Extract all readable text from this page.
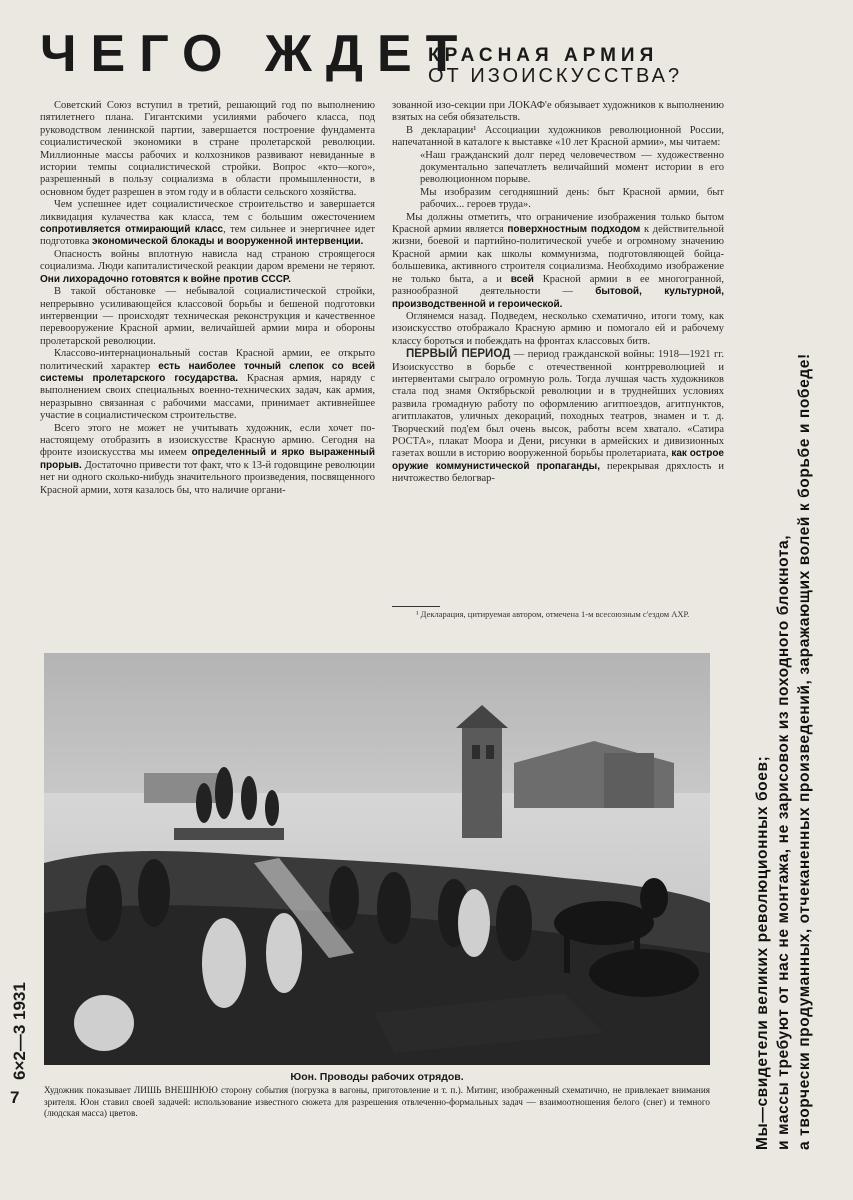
ЧЕГО ЖДЕТ
КРАСНАЯ АРМИЯ
ОТ ИЗОИСКУССТВА?

Советский Союз вступил в третий, решающий год по выполнению пятилетнего плана. Гигантскими усилиями рабочего класса, под руководством ленинской партии, завершается построение фундамента социалистической экономики в стране пролетарской революции. Миллионные массы рабочих и колхозников развивают невиданные в истории темпы социалистической стройки. Вопрос «кто—кого», разрешенный в пользу социализма в области промышленности, в основном будет разрешен в этом году и в области сельского хозяйства.

Чем успешнее идет социалистическое строительство и завершается ликвидация кулачества как класса, тем с большим ожесточением сопротивляется отмирающий класс, тем сильнее и энергичнее идет подготовка экономической блокады и вооруженной интервенции.

Опасность войны вплотную нависла над страною строящегося социализма. Люди капиталистической реакции даром времени не теряют. Они лихорадочно готовятся к войне против СССР.

В такой обстановке — небывалой социалистической стройки, непрерывно усиливающейся классовой борьбы и бешеной подготовки интервенции — происходят техническая реконструкция и качественное перевооружение Красной армии, величайшей армии мира и обороны пролетарской революции.

Классово-интернациональный состав Красной армии, ее открыто политический характер есть наиболее точный слепок со всей системы пролетарского государства. Красная армия, наряду с выполнением своих специальных военно-технических задач, как армия, неразрывно связанная с рабочими массами, принимает активнейшее участие в социалистическом строительстве.

Всего этого не может не учитывать художник, если хочет по-настоящему отобразить в изоискусстве Красную армию. Сегодня на фронте изоискусства мы имеем определенный и ярко выраженный прорыв. Достаточно привести тот факт, что к 13-й годовщине революции нет ни одного сколько-нибудь значительного произведения, посвященного Красной армии, хотя казалось бы, что наличие органи-

зованной изо-секции при ЛОКАФ'е обязывает художников к выполнению взятых на себя обязательств.

В декларации¹ Ассоциации художников революционной России, напечатанной в каталоге к выставке «10 лет Красной армии», мы читаем:

«Наш гражданский долг перед человечеством — художественно документально запечатлеть величайший момент истории в его революционном порыве.

Мы изобразим сегодняшний день: быт Красной армии, быт рабочих... героев труда».

Мы должны отметить, что ограничение изображения только бытом Красной армии является поверхностным подходом к действительной жизни, боевой и партийно-политической учебе и огромному значению Красной армии как школы коммунизма, подготовляющей бойца-большевика, активного строителя социализма. Необходимо изображение не только быта, а и всей Красной армии в ее многогранной, разнообразной деятельности — бытовой, культурной, производственной и героической.

Оглянемся назад. Подведем, несколько схематично, итоги тому, как изоискусство отображало Красную армию и помогало ей и рабочему классу бороться и побеждать на фронтах классовых битв.

ПЕРВЫЙ ПЕРИОД — период гражданской войны: 1918—1921 гг. Изоискусство в борьбе с отечественной контрреволюцией и интервентами сыграло огромную роль. Тогда лучшая часть художников стала под знамя Октябрьской революции и в труднейших условиях развила громадную работу по оформлению агитпоездов, агитпунктов, агитплакатов, уличных декораций, походных театров, знамен и т. д. Творческий под'ем был очень высок, работы всем хватало. «Сатира РОСТА», плакат Моора и Дени, рисунки в армейских и дивизионных газетах вошли в историю вооруженной борьбы пролетариата, как острое оружие коммунистической пропаганды, перекрывая дряхлость и ничтожество белогвар-

¹ Декларация, цитируемая автором, отмечена 1-м всесоюзным с'ездом АХР.
Юон. Проводы рабочих отрядов.
Художник показывает ЛИШЬ ВНЕШНЮЮ сторону события (погрузка в вагоны, приготовление и т. п.). Митинг, изображенный схематично, не привлекает внимания зрителя. Юон ставил своей задачей: использование известного сюжета для разрешения отвлеченно-формальных задач — взаимоотношения белого (снег) и темного (людская масса) цветов.	Мы—свидетели великих революционных боев; и массы требуют от нас не монтажа, не зарисовок из походного блокнота, а творчески продуманных, отчеканенных произведений, заражающих волей к борьбе и победе!
6×2—3 1931
7
